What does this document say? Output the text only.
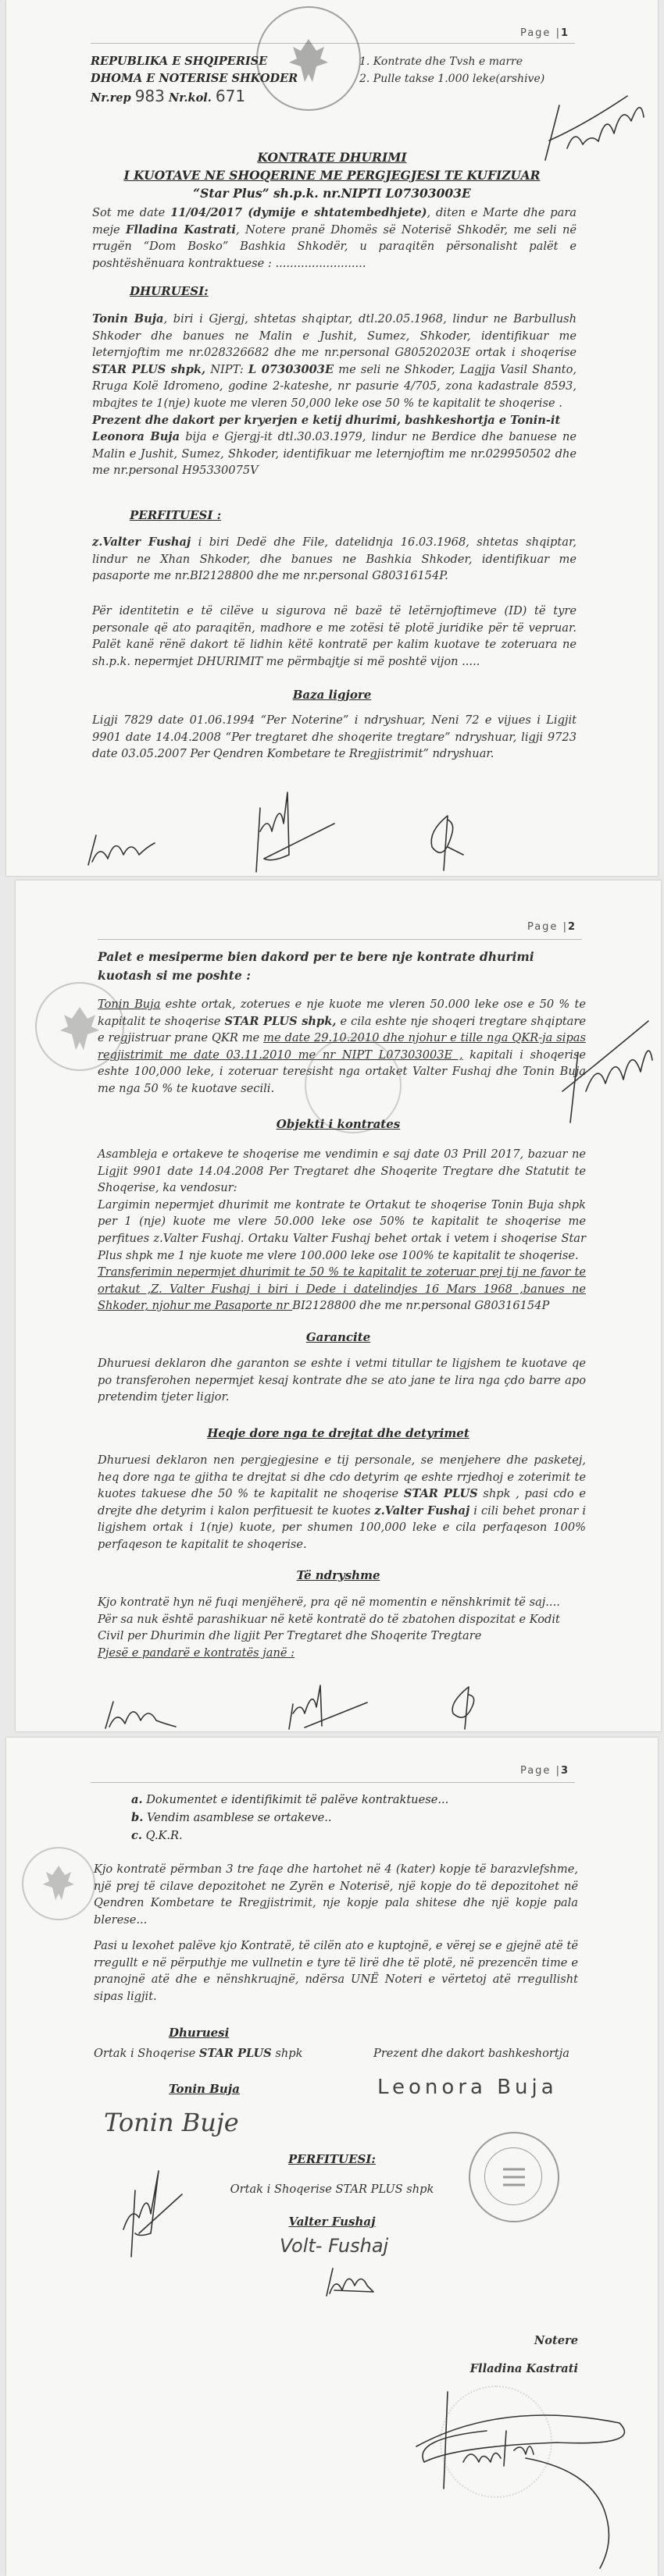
Page |1
REPUBLIKA E SHQIPERISE
DHOMA E NOTERISE SHKODER
Nr.rep 983 Nr.kol. 671
1. Kontrate dhe Tvsh e marre
2. Pulle takse 1.000 leke(arshive)
KONTRATE DHURIMI
I KUOTAVE NE SHOQERINE ME PERGJEGJESI TE KUFIZUAR
“Star Plus” sh.p.k. nr.NIPTI L07303003E
Sot me date 11/04/2017 (dymije e shtatembedhjete), diten e Marte dhe para meje Flladina Kastrati, Notere pranë Dhomës së Noterisë Shkodër, me seli në rrugën “Dom Bosko” Bashkia Shkodër, u paraqitën përsonalisht palët e poshtëshënuara kontraktuese : .........................
DHURUESI:
Tonin Buja, biri i Gjergj, shtetas shqiptar, dtl.20.05.1968, lindur ne Barbullush Shkoder dhe banues ne Malin e Jushit, Sumez, Shkoder, identifikuar me leternjoftim me nr.028326682 dhe me nr.personal G80520203E ortak i shoqerise STAR PLUS shpk, NIPT: L 07303003E me seli ne Shkoder, Lagjja Vasil Shanto, Rruga Kolë Idromeno, godine 2-kateshe, nr pasurie 4/705, zona kadastrale 8593, mbajtes te 1(nje) kuote me vleren 50,000 leke ose 50 % te kapitalit te shoqerise .
Prezent dhe dakort per kryerjen e ketij dhurimi, bashkeshortja e Tonin-it
Leonora Buja bija e Gjergj-it dtl.30.03.1979, lindur ne Berdice dhe banuese ne Malin e Jushit, Sumez, Shkoder, identifikuar me leternjoftim me nr.029950502 dhe me nr.personal H95330075V
PERFITUESI :
z.Valter Fushaj i biri Dedë dhe File, datelidnja 16.03.1968, shtetas shqiptar, lindur ne Xhan Shkoder, dhe banues ne Bashkia Shkoder, identifikuar me pasaporte me nr.BI2128800 dhe me nr.personal G80316154P.
Për identitetin e të cilëve u sigurova në bazë të letërnjoftimeve (ID) të tyre personale që ato paraqitën, madhore e me zotësi të plotë juridike për të vepruar. Palët kanë rënë dakort të lidhin këtë kontratë per kalim kuotave te zoteruara ne sh.p.k. nepermjet DHURIMIT me përmbajtje si më poshtë vijon .....
Baza ligjore
Ligji 7829 date 01.06.1994 “Per Noterine” i ndryshuar, Neni 72 e vijues i Ligjit 9901 date 14.04.2008 “Per tregtaret dhe shoqerite tregtare” ndryshuar, ligji 9723 date 03.05.2007 Per Qendren Kombetare te Rregjistrimit” ndryshuar.
Page |2
Palet e mesiperme bien dakord per te bere nje kontrate dhurimi kuotash si me poshte :
Tonin Buja eshte ortak, zoterues e nje kuote me vleren 50.000 leke ose e 50 % te kapitalit te shoqerise STAR PLUS shpk, e cila eshte nje shoqeri tregtare shqiptare e regjistruar prane QKR me me date 29.10.2010 dhe njohur e tille nga QKR-ja sipas regjistrimit me date 03.11.2010 me nr NIPT L07303003E , kapitali i shoqerise eshte 100,000 leke, i zoteruar teresisht nga ortaket Valter Fushaj dhe Tonin Buja me nga 50 % te kuotave secili.
Objekti i kontrates
Asambleja e ortakeve te shoqerise me vendimin e saj date 03 Prill 2017, bazuar ne Ligjit 9901 date 14.04.2008 Per Tregtaret dhe Shoqerite Tregtare dhe Statutit te Shoqerise, ka vendosur:
Largimin nepermjet dhurimit me kontrate te Ortakut te shoqerise Tonin Buja shpk per 1 (nje) kuote me vlere 50.000 leke ose 50% te kapitalit te shoqerise me perfitues z.Valter Fushaj. Ortaku Valter Fushaj behet ortak i vetem i shoqerise Star Plus shpk me 1 nje kuote me vlere 100.000 leke ose 100% te kapitalit te shoqerise.
Transferimin nepermjet dhurimit te 50 % te kapitalit te zoteruar prej tij ne favor te ortakut ,Z. Valter Fushaj i biri i Dede i datelindjes 16 Mars 1968 ,banues ne Shkoder, njohur me Pasaporte nr BI2128800 dhe me nr.personal G80316154P
Garancite
Dhuruesi deklaron dhe garanton se eshte i vetmi titullar te ligjshem te kuotave qe po transferohen nepermjet kesaj kontrate dhe se ato jane te lira nga çdo barre apo pretendim tjeter ligjor.
Heqje dore nga te drejtat dhe detyrimet
Dhuruesi deklaron nen pergjegjesine e tij personale, se menjehere dhe pasketej, heq dore nga te gjitha te drejtat si dhe cdo detyrim qe eshte rrjedhoj e zoterimit te kuotes takuese dhe 50 % te kapitalit ne shoqerise STAR PLUS shpk , pasi cdo e drejte dhe detyrim i kalon perfituesit te kuotes z.Valter Fushaj i cili behet pronar i ligjshem ortak i 1(nje) kuote, per shumen 100,000 leke e cila perfaqeson 100% perfaqeson te kapitalit te shoqerise.
Të ndryshme
Kjo kontratë hyn në fuqi menjëherë, pra që në momentin e nënshkrimit të saj....
Për sa nuk është parashikuar në ketë kontratë do të zbatohen dispozitat e Kodit Civil per Dhurimin dhe ligjit Per Tregtaret dhe Shoqerite Tregtare
Pjesë e pandarë e kontratës janë :
Page |3
a. Dokumentet e identifikimit të palëve kontraktuese...
b. Vendim asamblese se ortakeve..
c. Q.K.R.
Kjo kontratë përmban 3 tre faqe dhe hartohet në 4 (kater) kopje të barazvlefshme, një prej të cilave depozitohet ne Zyrën e Noterisë, një kopje do të depozitohet në Qendren Kombetare te Rregjistrimit, nje kopje pala shitese dhe një kopje pala blerese...
Pasi u lexohet palëve kjo Kontratë, të cilën ato e kuptojnë, e vërej se e gjejnë atë të rregullt e në përputhje me vullnetin e tyre të lirë dhe të plotë, në prezencën time e pranojnë atë dhe e nënshkruajnë, ndërsa UNË Noteri e vërtetoj atë rregullisht sipas ligjit.
Dhuruesi
Ortak i Shoqerise STAR PLUS shpk	Prezent dhe dakort bashkeshortja
Leonora Buja
Tonin Buja
Tonin Buje
PERFITUESI:
Ortak i Shoqerise STAR PLUS shpk
Valter Fushaj
Volt- Fushaj
Notere
Flladina Kastrati
